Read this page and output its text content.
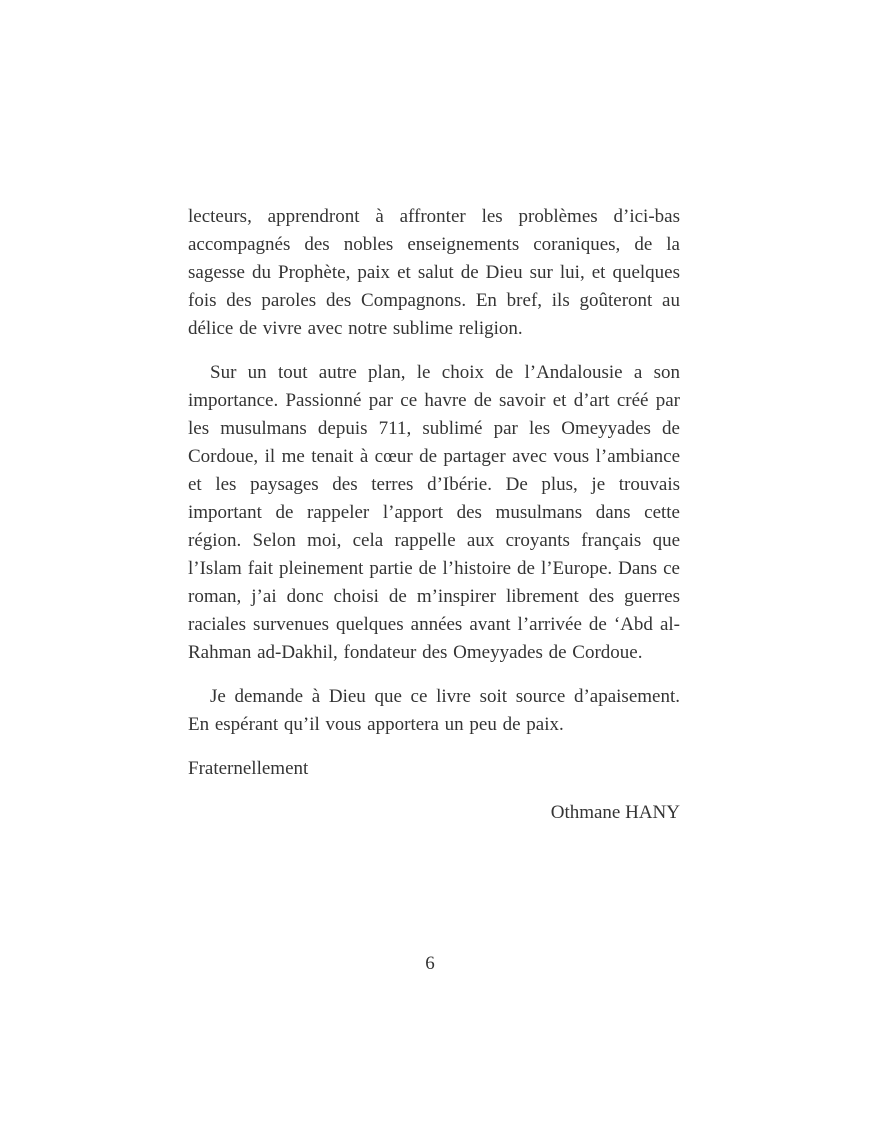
lecteurs, apprendront à affronter les problèmes d’ici-bas accompagnés des nobles enseignements coraniques, de la sagesse du Prophète, paix et salut de Dieu sur lui, et quelques fois des paroles des Compagnons. En bref, ils goûteront au délice de vivre avec notre sublime religion.

Sur un tout autre plan, le choix de l’Andalousie a son importance. Passionné par ce havre de savoir et d’art créé par les musulmans depuis 711, sublimé par les Omeyyades de Cordoue, il me tenait à cœur de partager avec vous l’ambiance et les paysages des terres d’Ibérie. De plus, je trouvais important de rappeler l’apport des musulmans dans cette région. Selon moi, cela rappelle aux croyants français que l’Islam fait pleinement partie de l’histoire de l’Europe. Dans ce roman, j’ai donc choisi de m’inspirer librement des guerres raciales survenues quelques années avant l’arrivée de ‘Abd al-Rahman ad-Dakhil, fondateur des Omeyyades de Cordoue.

Je demande à Dieu que ce livre soit source d’apaisement. En espérant qu’il vous apportera un peu de paix.

Fraternellement

Othmane HANY

6
